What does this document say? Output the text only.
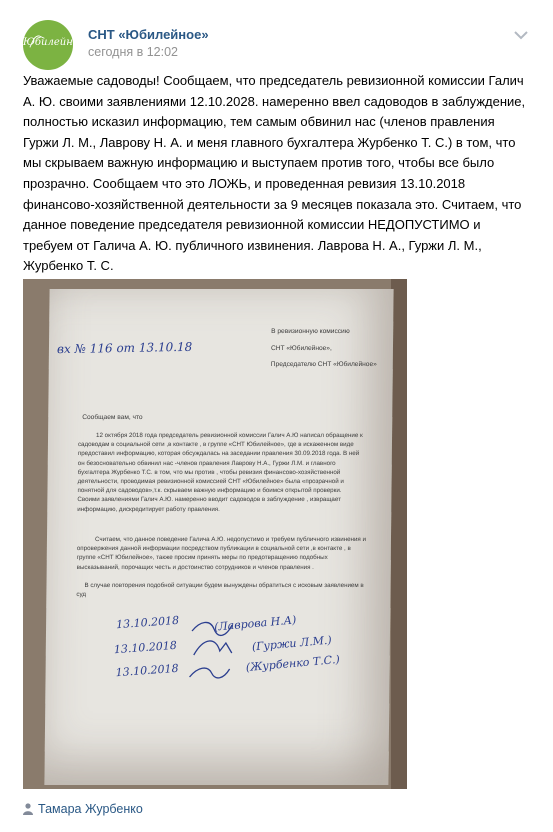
Юбилейное
СНТ «Юбилейное»
сегодня в 12:02
Уважаемые садоводы! Сообщаем, что председатель ревизионной комиссии Галич
А. Ю. своими заявлениями 12.10.2028. намеренно ввел садоводов в заблуждение,
полностью исказил информацию, тем самым обвинил нас (членов правления
Гуржи Л. М., Лаврову Н. А. и меня главного бухгалтера Журбенко Т. С.) в том, что
мы скрываем важную информацию и выступаем против того, чтобы все было
прозрачно. Сообщаем что это ЛОЖЬ, и проведенная ревизия 13.10.2018
финансово-хозяйственной деятельности за 9 месяцев показала это. Считаем, что
данное поведение председателя ревизионной комиссии НЕДОПУСТИМО и
требуем от Галича А. Ю. публичного извинения. Лаврова Н. А., Гуржи Л. М.,
Журбенко Т. С.
вх № 116 от 13.10.18
В ревизионную комиссию
СНТ «Юбилейное»,
Председателю СНТ «Юбилейное»
Сообщаем вам, что
12 октября 2018 года председатель ревизионной комиссии Галич А.Ю написал обращение к
садоводам в социальной сети ,в контакте , в группе «СНТ Юбилейное», где в искаженном виде
предоставил информацию, которая обсуждалась на заседании правления 30.09.2018 года. В ней
он безосновательно обвинил нас -членов правления Лаврову Н.А., Гуржи Л.М. и главного
бухгалтера Журбенко Т.С. в том, что мы против , чтобы ревизия финансово-хозяйственной
деятельности, проводимая ревизионной комиссией СНТ «Юбилейное» была «прозрачной и
понятной для садоводов»,т.к. скрываем важную информацию и боимся открытой проверки.
Своими заявлениями Галич А.Ю. намеренно вводит садоводов в заблуждение , извращает
информацию, дискредитирует работу правления.
Считаем, что данное поведение Галича А.Ю. недопустимо и требуем публичного извинения и
опровержения данной информации посредством публикации в социальной сети ,в контакте , в
группе «СНТ Юбилейное», также просим принять меры по предотвращению подобных
высказываний, порочащих честь и достоинство сотрудников и членов правления .
В случае повторения подобной ситуации будем вынуждены обратиться с исковым заявлением в
суд
13.10.2018	(Лаврова Н.А)
13.10.2018	(Гуржи Л.М.)
13.10.2018	(Журбенко Т.С.)
Тамара Журбенко
